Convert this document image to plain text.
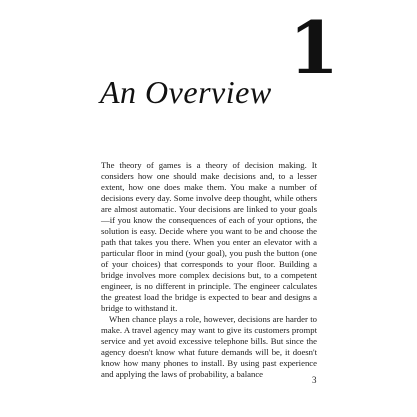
1
An Overview

The theory of games is a theory of decision making. It considers how one should make decisions and, to a lesser extent, how one does make them. You make a number of decisions every day. Some involve deep thought, while others are almost automatic. Your decisions are linked to your goals—if you know the consequences of each of your options, the solution is easy. Decide where you want to be and choose the path that takes you there. When you enter an elevator with a particular floor in mind (your goal), you push the button (one of your choices) that corresponds to your floor. Building a bridge involves more complex decisions but, to a competent engineer, is no different in principle. The engineer calculates the greatest load the bridge is expected to bear and designs a bridge to withstand it.

When chance plays a role, however, decisions are harder to make. A travel agency may want to give its customers prompt service and yet avoid excessive telephone bills. But since the agency doesn't know what future demands will be, it doesn't know how many phones to install. By using past experience and applying the laws of probability, a balance

3
